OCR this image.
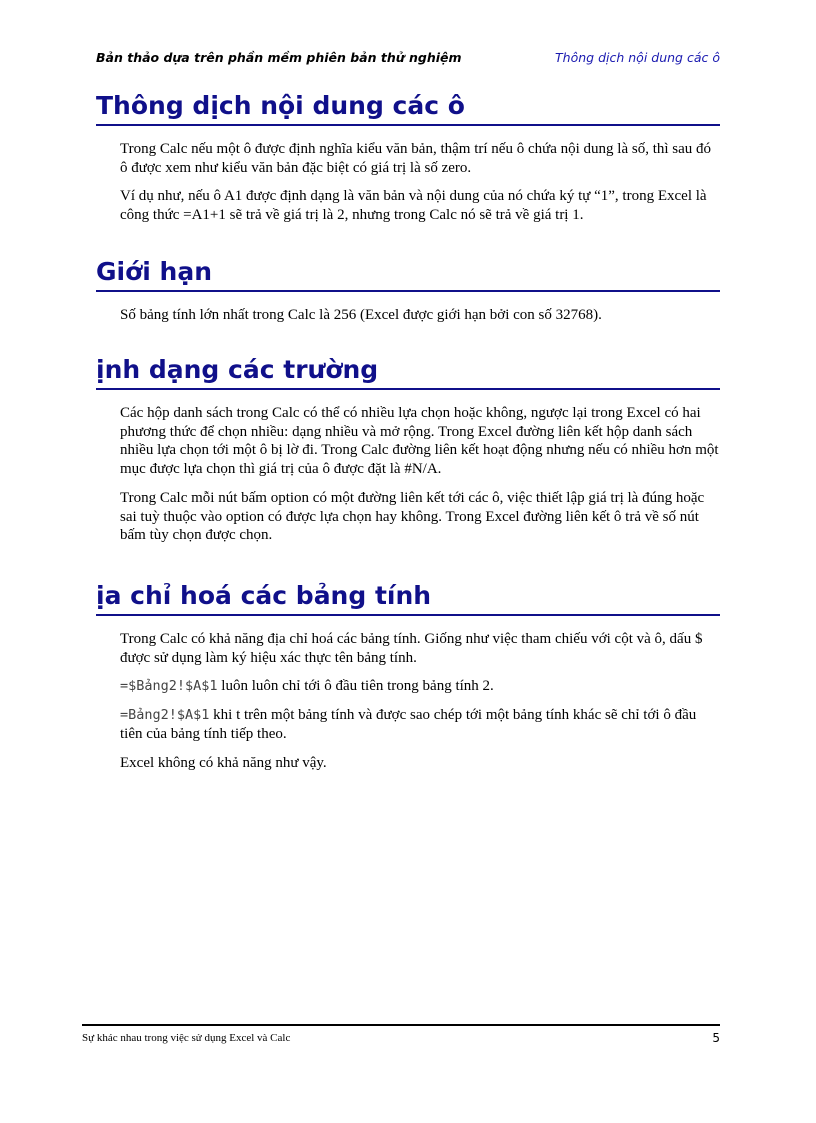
Bản thảo dựa trên phần mềm phiên bản thử nghiệm	Thông dịch nội dung các ô
Thông dịch nội dung các ô

Trong Calc nếu một ô được định nghĩa kiểu văn bản, thậm trí nếu ô chứa nội dung là số, thì sau đó ô được xem như kiểu văn bản đặc biệt có giá trị là số zero.

Ví dụ như, nếu ô A1 được định dạng là văn bản và nội dung của nó chứa ký tự “1”, trong Excel là công thức =A1+1 sẽ trả về giá trị là 2, nhưng trong Calc nó sẽ trả về giá trị 1.

Giới hạn

Số bảng tính lớn nhất trong Calc là 256 (Excel được giới hạn bởi con số 32768).

ịnh dạng các trường

Các hộp danh sách trong Calc có thể có nhiều lựa chọn hoặc không, ngược lại trong Excel có hai phương thức để chọn nhiều: dạng nhiều và mở rộng. Trong Excel đường liên kết hộp danh sách nhiều lựa chọn tới một ô bị lờ đi. Trong Calc đường liên kết hoạt động nhưng nếu có nhiều hơn một mục được lựa chọn thì giá trị của ô được đặt là #N/A.

Trong Calc mỗi nút bấm option có một đường liên kết tới các ô, việc thiết lập giá trị là đúng hoặc sai tuỳ thuộc vào option có được lựa chọn hay không. Trong Excel đường liên kết ô trả về số nút bấm tùy chọn được chọn.

ịa chỉ hoá các bảng tính

Trong Calc có khả năng địa chỉ hoá các bảng tính. Giống như việc tham chiếu với cột và ô, dấu $ được sử dụng làm ký hiệu xác thực tên bảng tính.

=$Bảng2!$A$1 luôn luôn chỉ tới ô đầu tiên trong bảng tính 2.

=Bảng2!$A$1 khi t trên một bảng tính và được sao chép tới một bảng tính khác sẽ chỉ tới ô đầu tiên của bảng tính tiếp theo.

Excel không có khả năng như vậy.

Sự khác nhau trong việc sử dụng Excel và Calc	5
